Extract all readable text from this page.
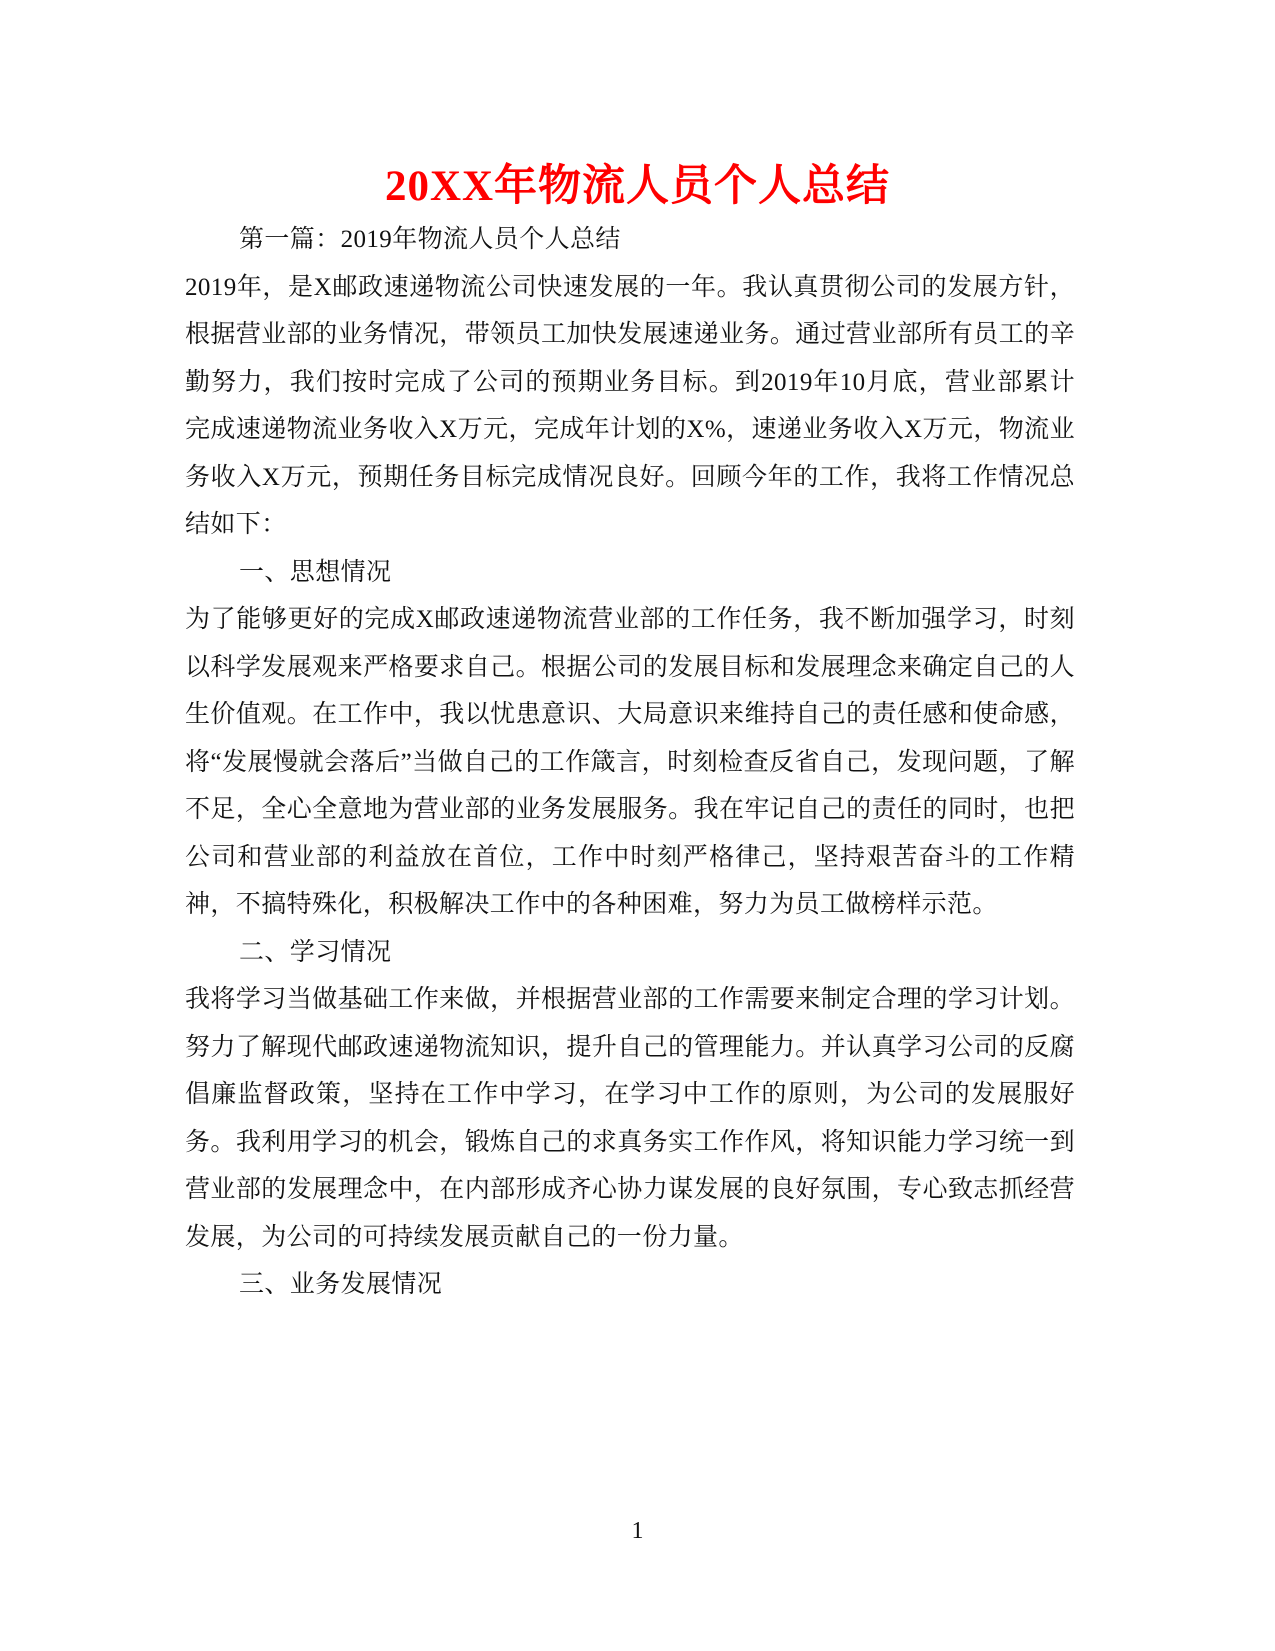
20XX年物流人员个人总结

第一篇：2019年物流人员个人总结

2019年，是X邮政速递物流公司快速发展的一年。我认真贯彻公司的发展方针，根据营业部的业务情况，带领员工加快发展速递业务。通过营业部所有员工的辛勤努力，我们按时完成了公司的预期业务目标。到2019年10月底，营业部累计完成速递物流业务收入X万元，完成年计划的X%，速递业务收入X万元，物流业务收入X万元，预期任务目标完成情况良好。回顾今年的工作，我将工作情况总结如下：

一、思想情况

为了能够更好的完成X邮政速递物流营业部的工作任务，我不断加强学习，时刻以科学发展观来严格要求自己。根据公司的发展目标和发展理念来确定自己的人生价值观。在工作中，我以忧患意识、大局意识来维持自己的责任感和使命感，将“发展慢就会落后”当做自己的工作箴言，时刻检查反省自己，发现问题，了解不足，全心全意地为营业部的业务发展服务。我在牢记自己的责任的同时，也把公司和营业部的利益放在首位，工作中时刻严格律己，坚持艰苦奋斗的工作精神，不搞特殊化，积极解决工作中的各种困难，努力为员工做榜样示范。

二、学习情况

我将学习当做基础工作来做，并根据营业部的工作需要来制定合理的学习计划。努力了解现代邮政速递物流知识，提升自己的管理能力。并认真学习公司的反腐倡廉监督政策，坚持在工作中学习，在学习中工作的原则，为公司的发展服好务。我利用学习的机会，锻炼自己的求真务实工作作风，将知识能力学习统一到营业部的发展理念中，在内部形成齐心协力谋发展的良好氛围，专心致志抓经营发展，为公司的可持续发展贡献自己的一份力量。

三、业务发展情况

1
